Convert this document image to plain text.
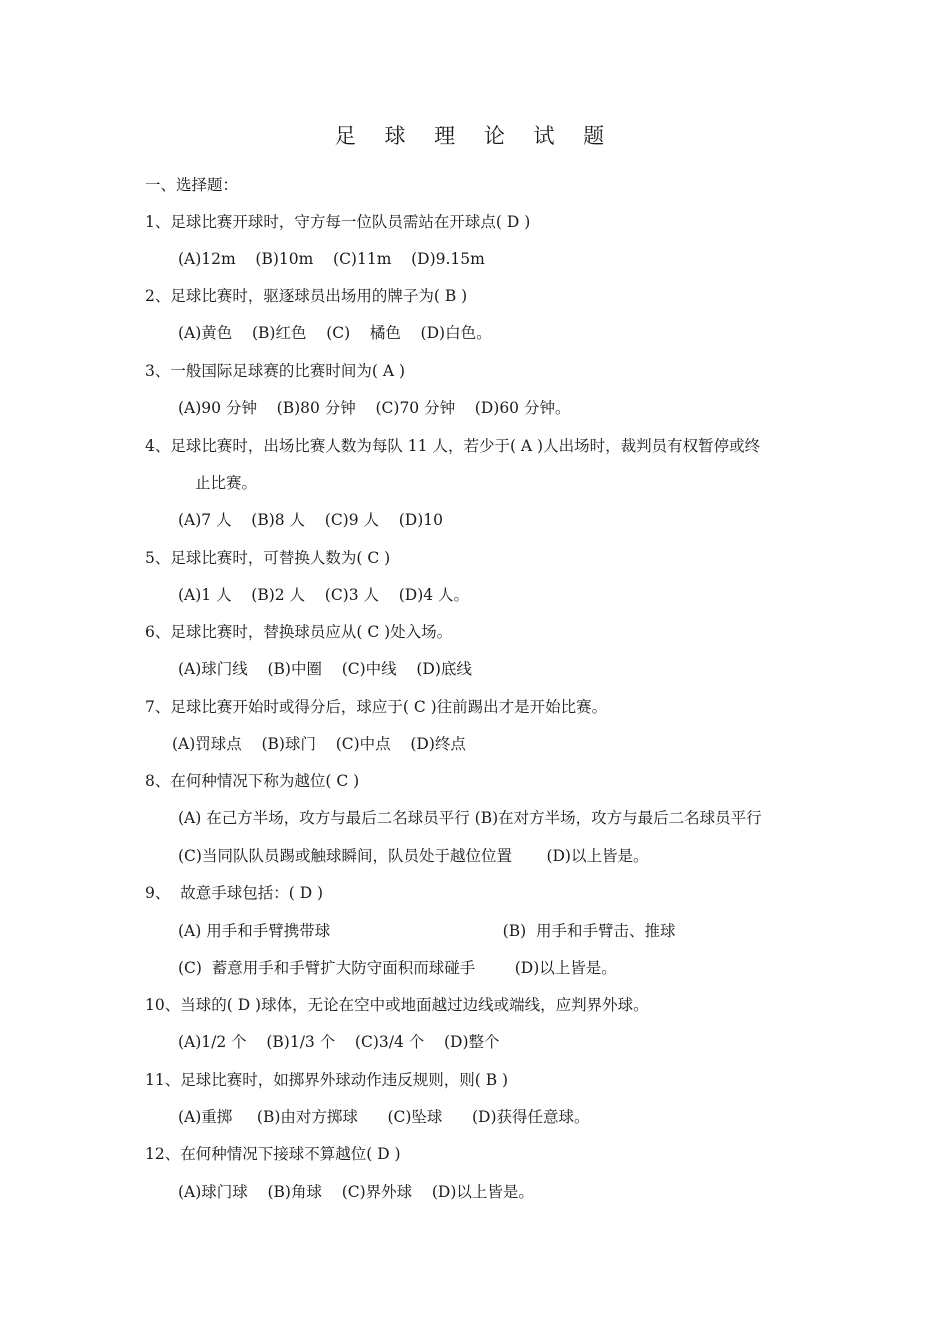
足 球 理 论 试 题
一、选择题：
1、足球比赛开球时，守方每一位队员需站在开球点( D )
(A)12m    (B)10m    (C)11m    (D)9.15m
2、足球比赛时，驱逐球员出场用的牌子为( B )
(A)黄色    (B)红色    (C)    橘色    (D)白色。
3、一般国际足球赛的比赛时间为( A )
(A)90 分钟    (B)80 分钟    (C)70 分钟    (D)60 分钟。
4、足球比赛时，出场比赛人数为每队 11 人，若少于( A )人出场时，裁判员有权暂停或终
止比赛。
(A)7 人    (B)8 人    (C)9 人    (D)10
5、足球比赛时，可替换人数为( C )
(A)1 人    (B)2 人    (C)3 人    (D)4 人。
6、足球比赛时，替换球员应从( C )处入场。
(A)球门线    (B)中圈    (C)中线    (D)底线
7、足球比赛开始时或得分后，球应于( C )往前踢出才是开始比赛。
(A)罚球点    (B)球门    (C)中点    (D)终点
8、在何种情况下称为越位( C )
(A) 在己方半场，攻方与最后二名球员平行 (B)在对方半场，攻方与最后二名球员平行
(C)当同队队员踢或触球瞬间，队员处于越位位置       (D)以上皆是。
9、  故意手球包括：( D )
(A) 用手和手臂携带球                                   (B)  用手和手臂击、推球
(C)  蓄意用手和手臂扩大防守面积而球碰手        (D)以上皆是。
10、当球的( D )球体，无论在空中或地面越过边线或端线，应判界外球。
(A)1/2 个    (B)1/3 个    (C)3/4 个    (D)整个
11、足球比赛时，如掷界外球动作违反规则，则( B )
(A)重掷     (B)由对方掷球      (C)坠球      (D)获得任意球。
12、在何种情况下接球不算越位( D )
(A)球门球    (B)角球    (C)界外球    (D)以上皆是。
